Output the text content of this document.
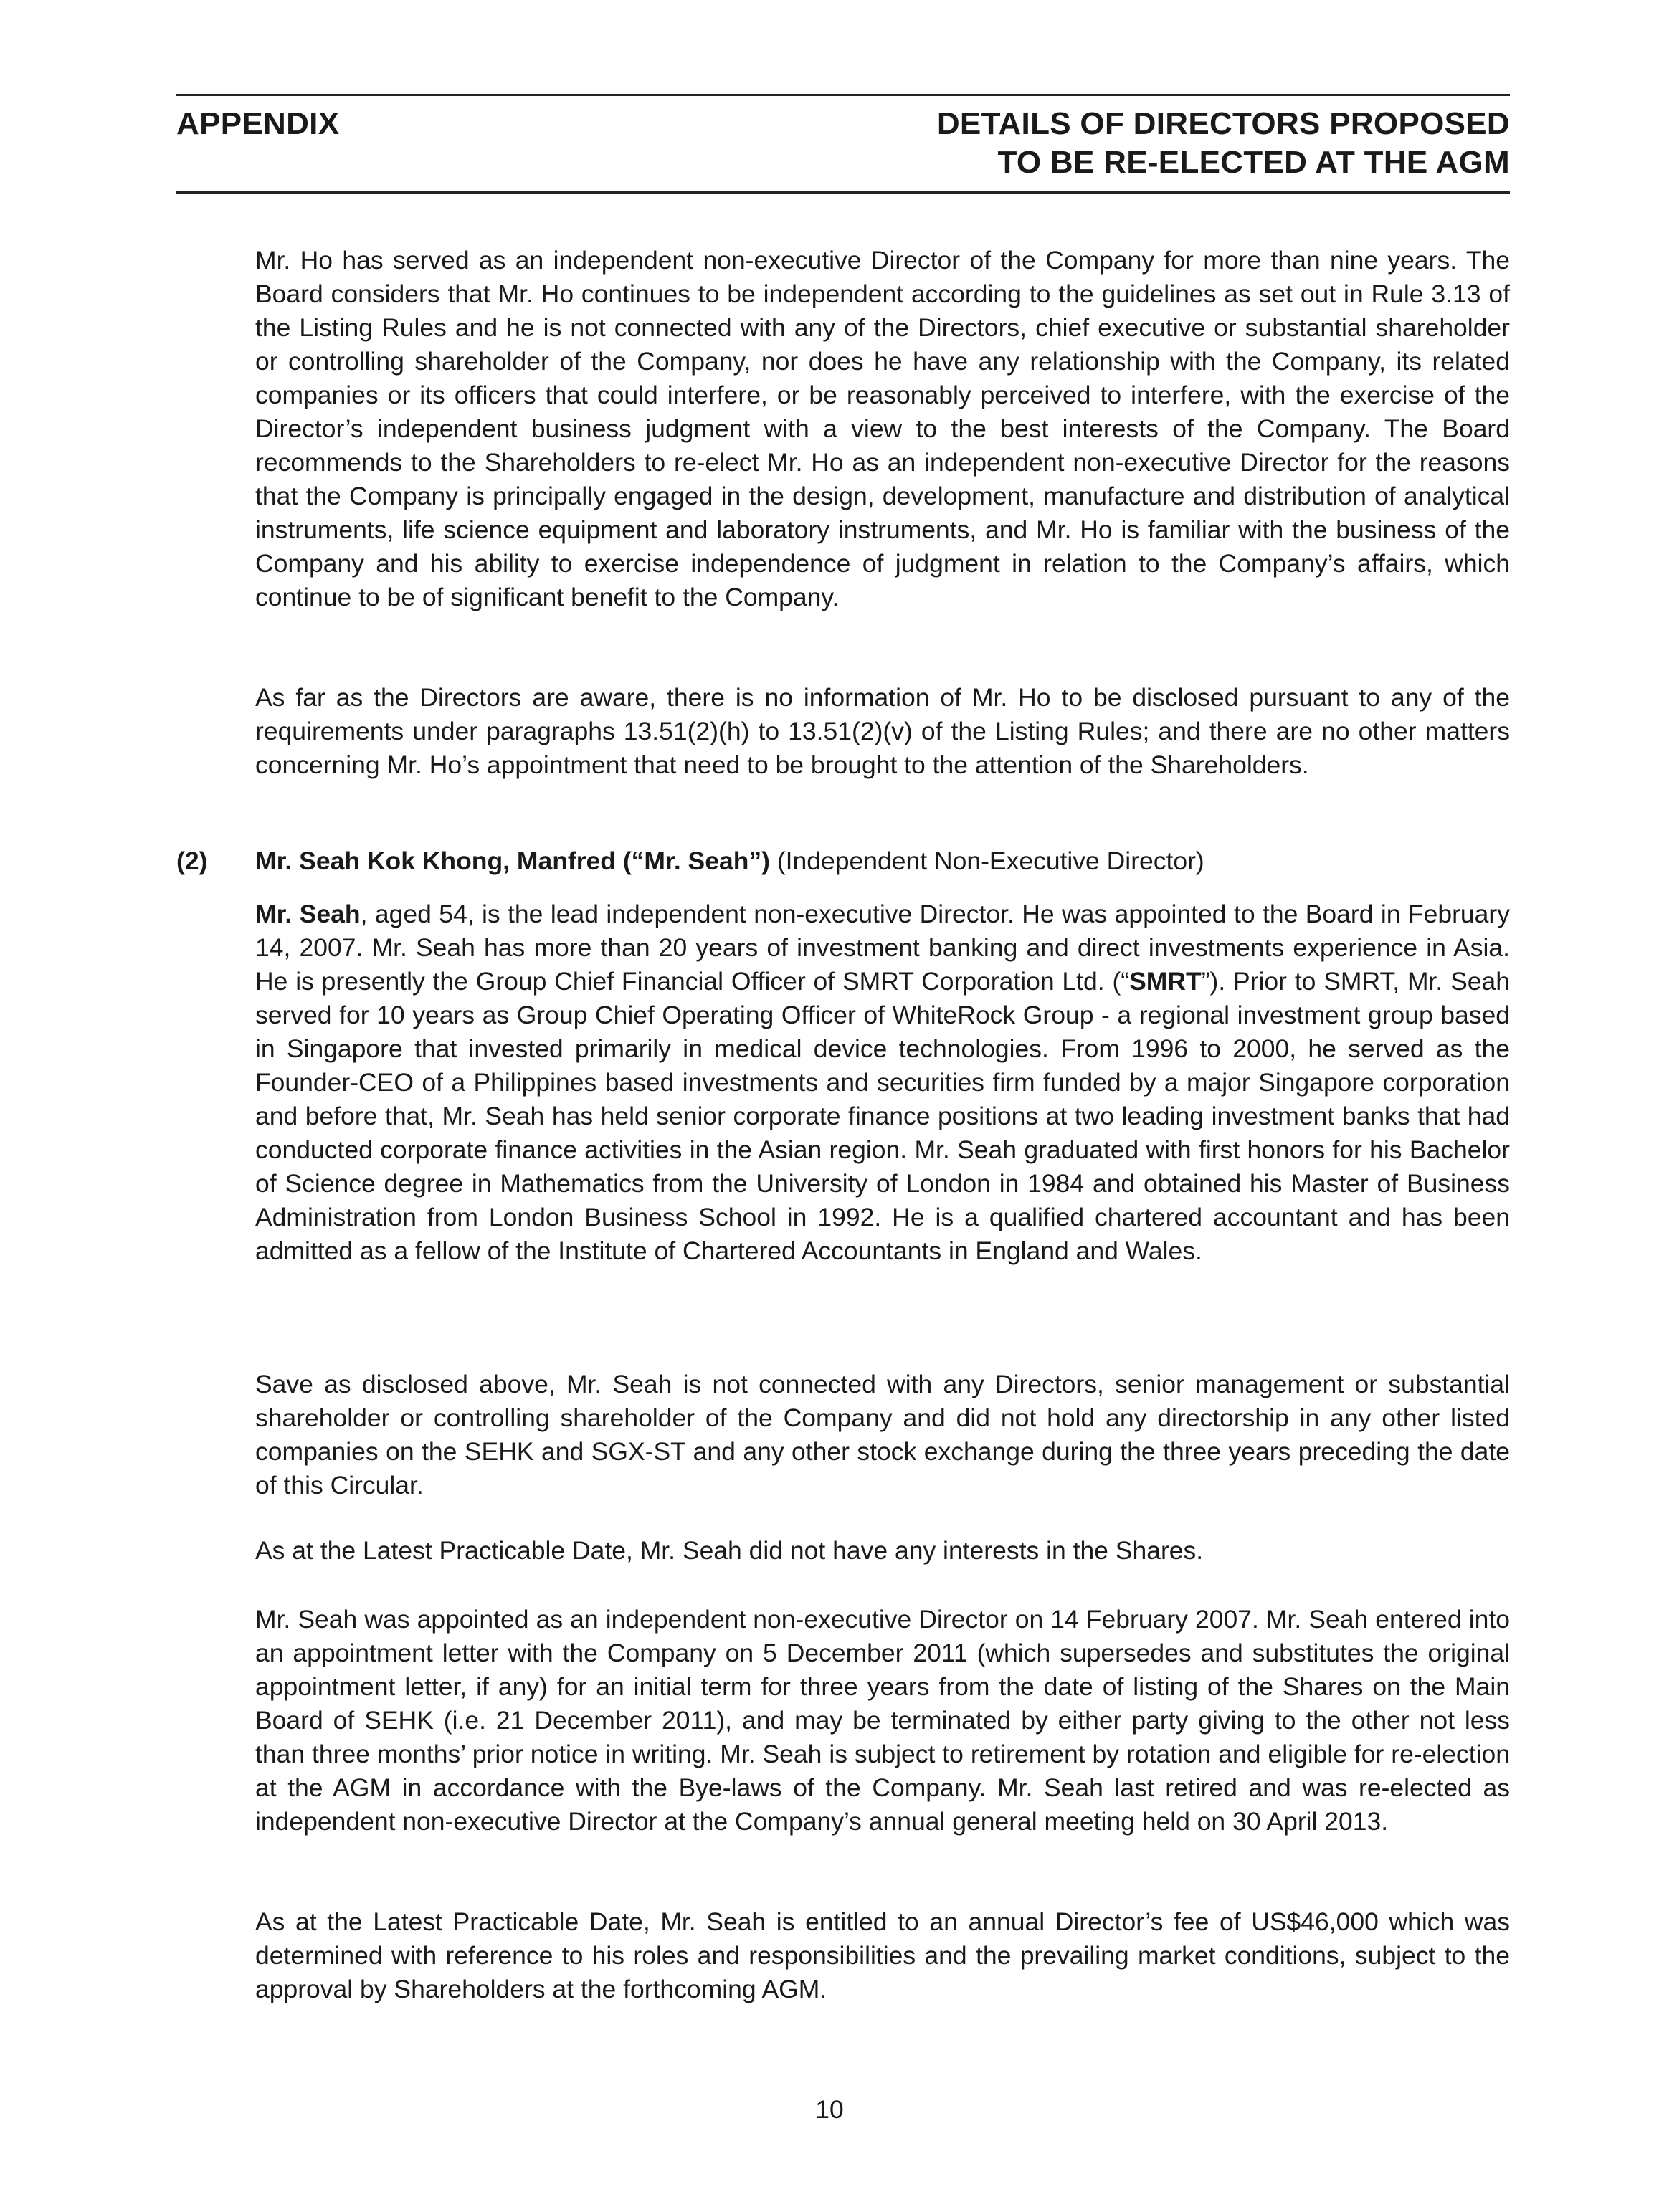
APPENDIX	DETAILS OF DIRECTORS PROPOSED
TO BE RE-ELECTED AT THE AGM

Mr. Ho has served as an independent non-executive Director of the Company for more than nine years. The Board considers that Mr. Ho continues to be independent according to the guidelines as set out in Rule 3.13 of the Listing Rules and he is not connected with any of the Directors, chief executive or substantial shareholder or controlling shareholder of the Company, nor does he have any relationship with the Company, its related companies or its officers that could interfere, or be reasonably perceived to interfere, with the exercise of the Director’s independent business judgment with a view to the best interests of the Company. The Board recommends to the Shareholders to re-elect Mr. Ho as an independent non-executive Director for the reasons that the Company is principally engaged in the design, development, manufacture and distribution of analytical instruments, life science equipment and laboratory instruments, and Mr. Ho is familiar with the business of the Company and his ability to exercise independence of judgment in relation to the Company’s affairs, which continue to be of significant benefit to the Company.

As far as the Directors are aware, there is no information of Mr. Ho to be disclosed pursuant to any of the requirements under paragraphs 13.51(2)(h) to 13.51(2)(v) of the Listing Rules; and there are no other matters concerning Mr. Ho’s appointment that need to be brought to the attention of the Shareholders.

(2) Mr. Seah Kok Khong, Manfred (“Mr. Seah”) (Independent Non-Executive Director)

Mr. Seah, aged 54, is the lead independent non-executive Director. He was appointed to the Board in February 14, 2007. Mr. Seah has more than 20 years of investment banking and direct investments experience in Asia. He is presently the Group Chief Financial Officer of SMRT Corporation Ltd. (“SMRT”). Prior to SMRT, Mr. Seah served for 10 years as Group Chief Operating Officer of WhiteRock Group - a regional investment group based in Singapore that invested primarily in medical device technologies. From 1996 to 2000, he served as the Founder-CEO of a Philippines based investments and securities firm funded by a major Singapore corporation and before that, Mr. Seah has held senior corporate finance positions at two leading investment banks that had conducted corporate finance activities in the Asian region. Mr. Seah graduated with first honors for his Bachelor of Science degree in Mathematics from the University of London in 1984 and obtained his Master of Business Administration from London Business School in 1992. He is a qualified chartered accountant and has been admitted as a fellow of the Institute of Chartered Accountants in England and Wales.

Save as disclosed above, Mr. Seah is not connected with any Directors, senior management or substantial shareholder or controlling shareholder of the Company and did not hold any directorship in any other listed companies on the SEHK and SGX-ST and any other stock exchange during the three years preceding the date of this Circular.

As at the Latest Practicable Date, Mr. Seah did not have any interests in the Shares.

Mr. Seah was appointed as an independent non-executive Director on 14 February 2007. Mr. Seah entered into an appointment letter with the Company on 5 December 2011 (which supersedes and substitutes the original appointment letter, if any) for an initial term for three years from the date of listing of the Shares on the Main Board of SEHK (i.e. 21 December 2011), and may be terminated by either party giving to the other not less than three months’ prior notice in writing. Mr. Seah is subject to retirement by rotation and eligible for re-election at the AGM in accordance with the Bye-laws of the Company. Mr. Seah last retired and was re-elected as independent non-executive Director at the Company’s annual general meeting held on 30 April 2013.

As at the Latest Practicable Date, Mr. Seah is entitled to an annual Director’s fee of US$46,000 which was determined with reference to his roles and responsibilities and the prevailing market conditions, subject to the approval by Shareholders at the forthcoming AGM.

10
